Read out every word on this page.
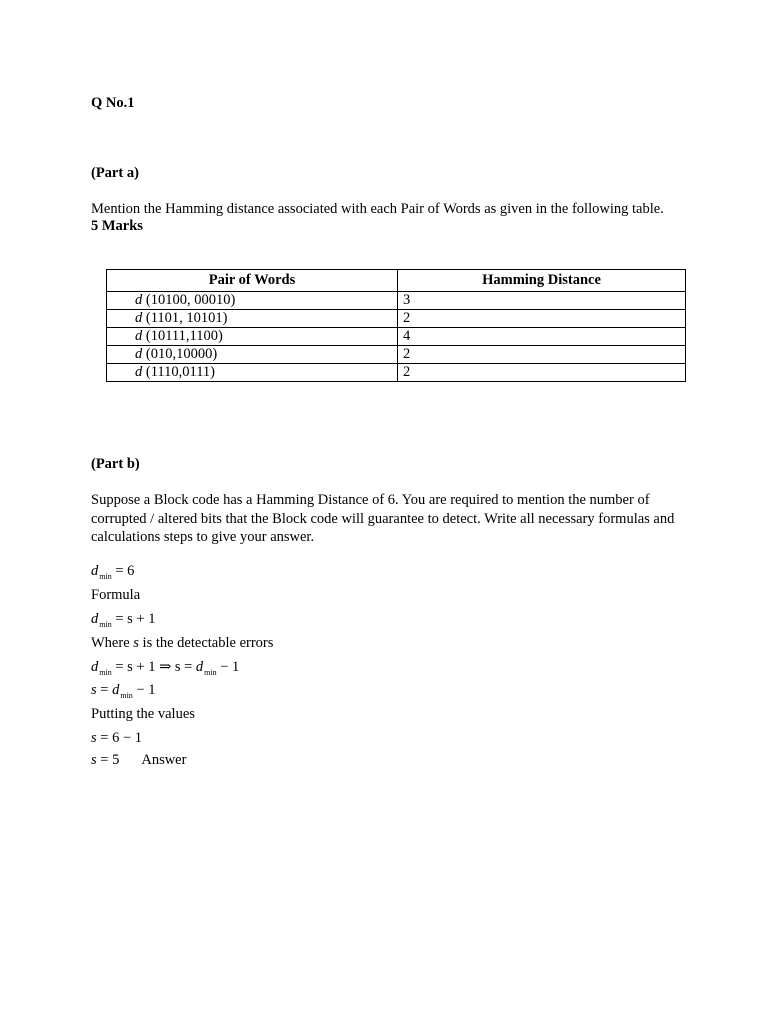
Q No.1
(Part a)
Mention the Hamming distance associated with each Pair of Words as given in the following table.
5 Marks
Pair of Words	Hamming Distance
d (10100, 00010)	3
d (1101, 10101)	2
d (10111,1100)	4
d (010,10000)	2
d (1110,0111)	2
(Part b)
Suppose a Block code has a Hamming Distance of 6. You are required to mention the number of corrupted / altered bits that the Block code will guarantee to detect. Write all necessary formulas and calculations steps to give your answer.
$d_{min} = 6$
Formula
$d_{min} = s + 1$
Where s is the detectable errors
$d_{min} = s + 1$ ⇒ $s = d_{min} - 1$
$s = d_{min} - 1$
Putting the values
s = 6 − 1
s = 5 Answer
